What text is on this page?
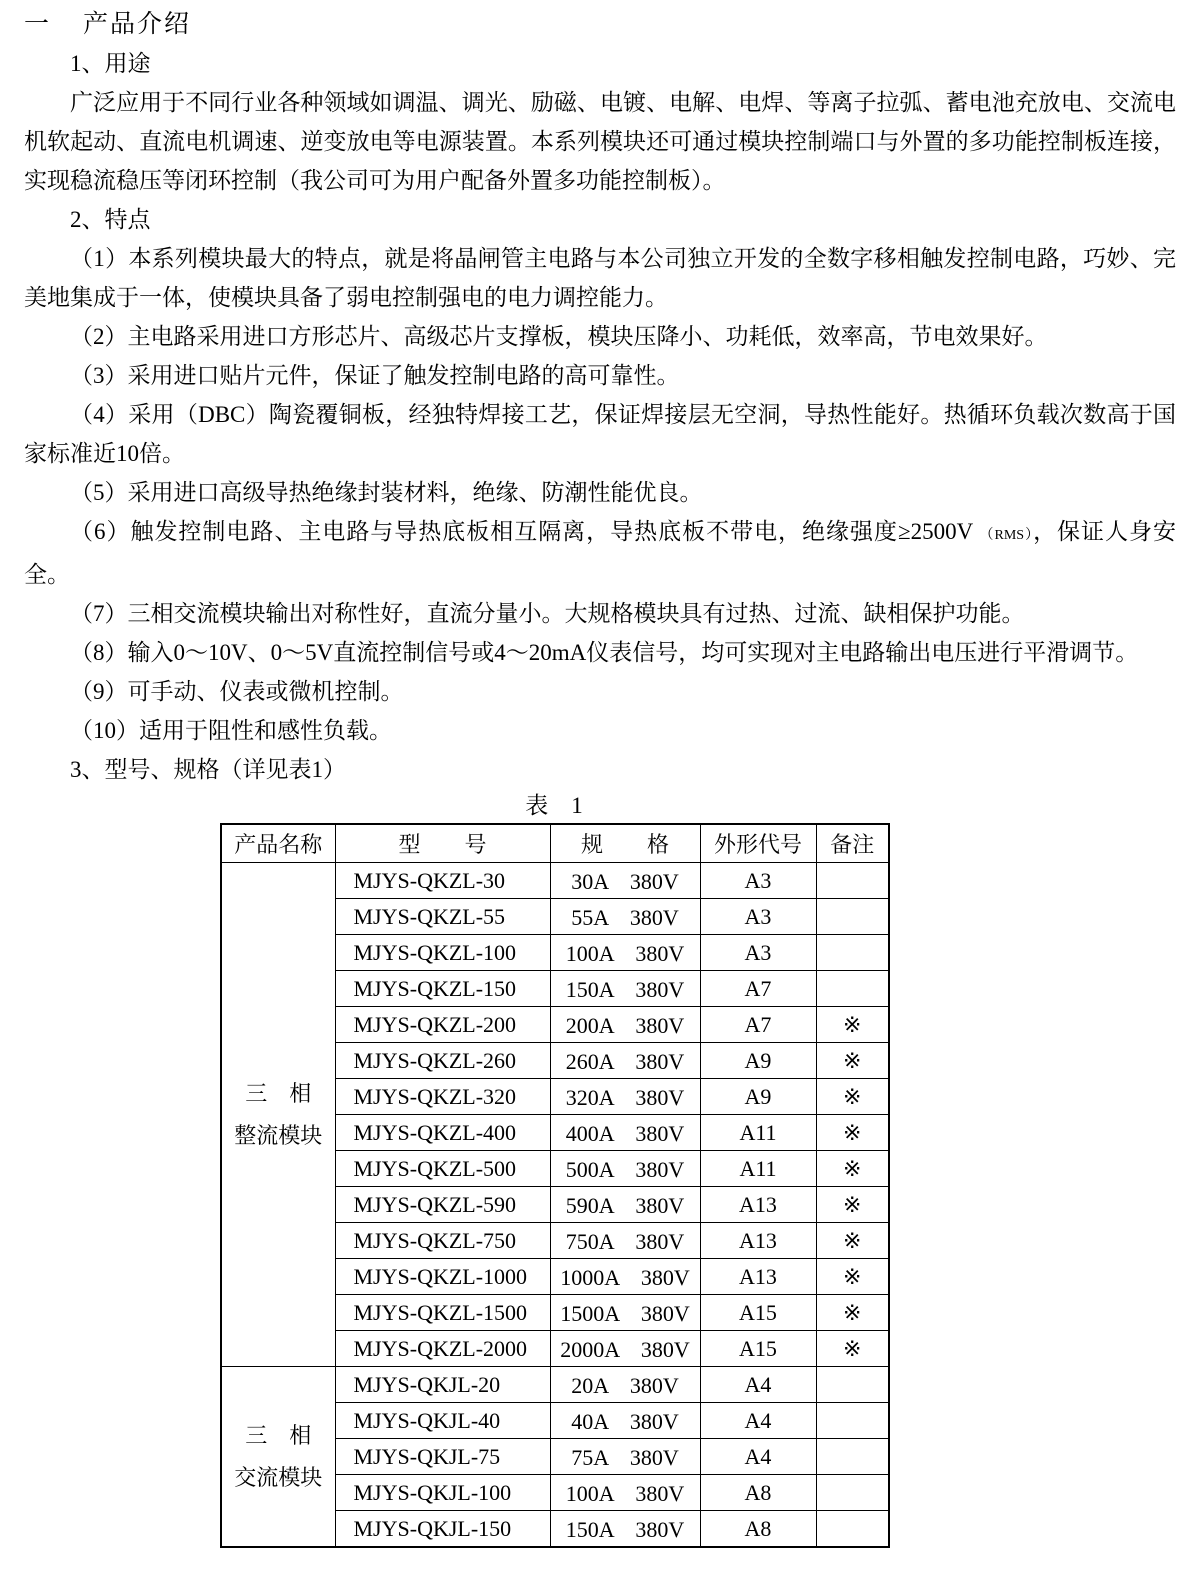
一 产品介绍

1、用途

广泛应用于不同行业各种领域如调温、调光、励磁、电镀、电解、电焊、等离子拉弧、蓄电池充放电、交流电机软起动、直流电机调速、逆变放电等电源装置。本系列模块还可通过模块控制端口与外置的多功能控制板连接，实现稳流稳压等闭环控制（我公司可为用户配备外置多功能控制板）。

2、特点

（1）本系列模块最大的特点，就是将晶闸管主电路与本公司独立开发的全数字移相触发控制电路，巧妙、完美地集成于一体，使模块具备了弱电控制强电的电力调控能力。

（2）主电路采用进口方形芯片、高级芯片支撑板，模块压降小、功耗低，效率高，节电效果好。

（3）采用进口贴片元件，保证了触发控制电路的高可靠性。

（4）采用（DBC）陶瓷覆铜板，经独特焊接工艺，保证焊接层无空洞，导热性能好。热循环负载次数高于国家标准近10倍。

（5）采用进口高级导热绝缘封装材料，绝缘、防潮性能优良。

（6）触发控制电路、主电路与导热底板相互隔离，导热底板不带电，绝缘强度≥2500V （RMS），保证人身安全。

（7）三相交流模块输出对称性好，直流分量小。大规格模块具有过热、过流、缺相保护功能。

（8）输入0～10V、0～5V直流控制信号或4～20mA仪表信号，均可实现对主电路输出电压进行平滑调节。

（9）可手动、仪表或微机控制。

（10）适用于阻性和感性负载。

3、型号、规格（详见表1）

表　1
产品名称	型　　号	规　　格	外形代号	备注

三　相
整流模块	MJYS-QKZL-30	30A　380V	A3	
	MJYS-QKZL-55	55A　380V	A3	
	MJYS-QKZL-100	100A　380V	A3	
	MJYS-QKZL-150	150A　380V	A7	
	MJYS-QKZL-200	200A　380V	A7	※
	MJYS-QKZL-260	260A　380V	A9	※
	MJYS-QKZL-320	320A　380V	A9	※
	MJYS-QKZL-400	400A　380V	A11	※
	MJYS-QKZL-500	500A　380V	A11	※
	MJYS-QKZL-590	590A　380V	A13	※
	MJYS-QKZL-750	750A　380V	A13	※
	MJYS-QKZL-1000	1000A　380V	A13	※
	MJYS-QKZL-1500	1500A　380V	A15	※
	MJYS-QKZL-2000	2000A　380V	A15	※

三　相
交流模块	MJYS-QKJL-20	20A　380V	A4	
	MJYS-QKJL-40	40A　380V	A4	
	MJYS-QKJL-75	75A　380V	A4	
	MJYS-QKJL-100	100A　380V	A8	
	MJYS-QKJL-150	150A　380V	A8	
